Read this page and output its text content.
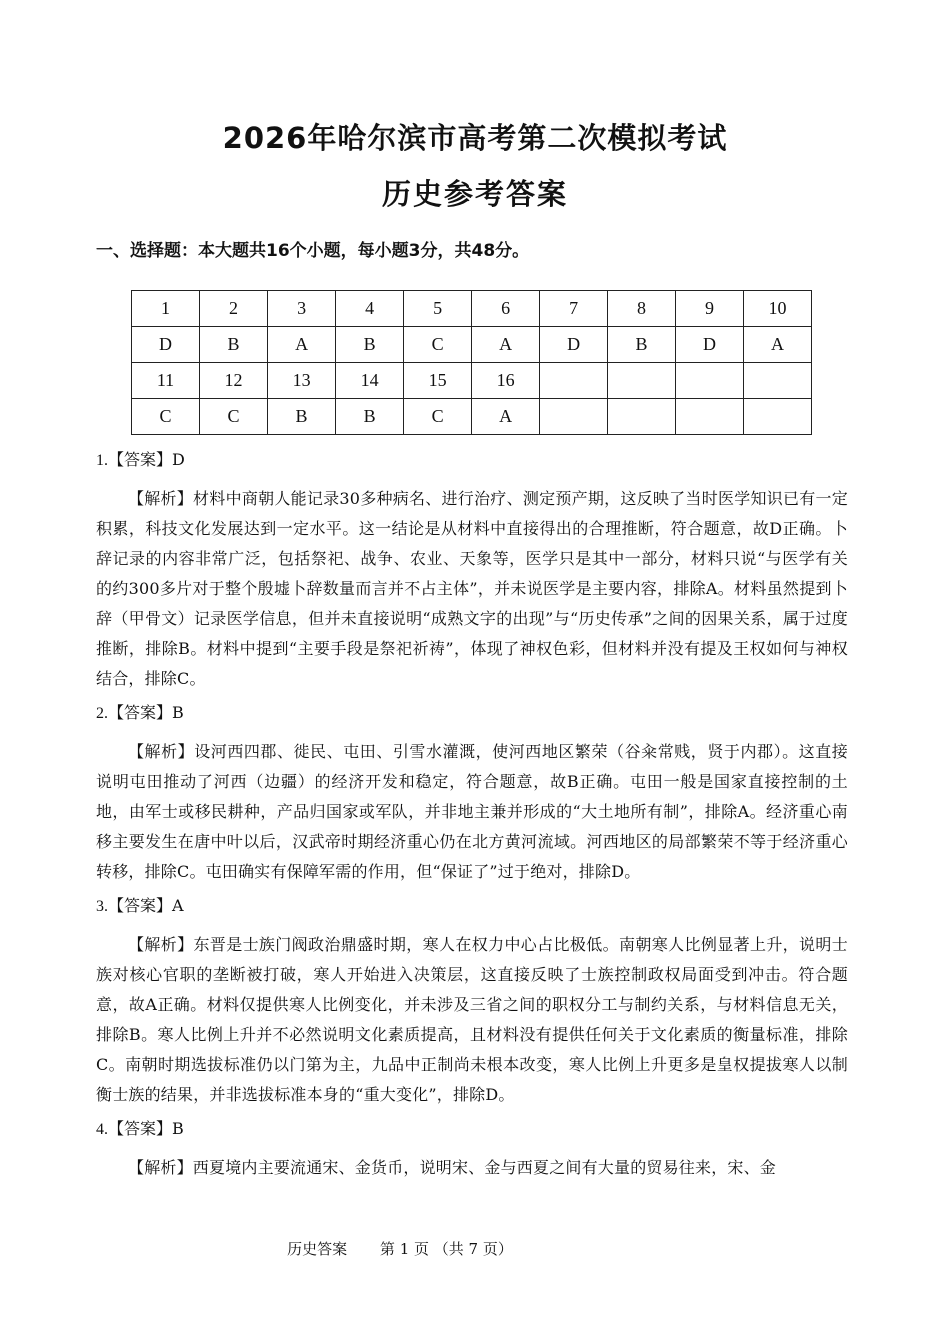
2026年哈尔滨市高考第二次模拟考试
历史参考答案

一、选择题：本大题共16个小题，每小题3分，共48分。

1	2	3	4	5	6	7	8	9	10
D	B	A	B	C	A	D	B	D	A
11	12	13	14	15	16				
C	C	B	B	C	A				

1.【答案】D

【解析】材料中商朝人能记录30多种病名、进行治疗、测定预产期，这反映了当时医学知识已有一定积累，科技文化发展达到一定水平。这一结论是从材料中直接得出的合理推断，符合题意，故D正确。卜辞记录的内容非常广泛，包括祭祀、战争、农业、天象等，医学只是其中一部分，材料只说“与医学有关的约300多片对于整个殷墟卜辞数量而言并不占主体”，并未说医学是主要内容，排除A。材料虽然提到卜辞（甲骨文）记录医学信息，但并未直接说明“成熟文字的出现”与“历史传承”之间的因果关系，属于过度推断，排除B。材料中提到“主要手段是祭祀祈祷”，体现了神权色彩，但材料并没有提及王权如何与神权结合，排除C。

2.【答案】B

【解析】设河西四郡、徙民、屯田、引雪水灌溉，使河西地区繁荣（谷籴常贱，贤于内郡）。这直接说明屯田推动了河西（边疆）的经济开发和稳定，符合题意，故B正确。屯田一般是国家直接控制的土地，由军士或移民耕种，产品归国家或军队，并非地主兼并形成的“大土地所有制”，排除A。经济重心南移主要发生在唐中叶以后，汉武帝时期经济重心仍在北方黄河流域。河西地区的局部繁荣不等于经济重心转移，排除C。屯田确实有保障军需的作用，但“保证了”过于绝对，排除D。

3.【答案】A

【解析】东晋是士族门阀政治鼎盛时期，寒人在权力中心占比极低。南朝寒人比例显著上升，说明士族对核心官职的垄断被打破，寒人开始进入决策层，这直接反映了士族控制政权局面受到冲击。符合题意，故A正确。材料仅提供寒人比例变化，并未涉及三省之间的职权分工与制约关系，与材料信息无关，排除B。寒人比例上升并不必然说明文化素质提高，且材料没有提供任何关于文化素质的衡量标准，排除C。南朝时期选拔标准仍以门第为主，九品中正制尚未根本改变，寒人比例上升更多是皇权提拔寒人以制衡士族的结果，并非选拔标准本身的“重大变化”，排除D。

4.【答案】B

【解析】西夏境内主要流通宋、金货币，说明宋、金与西夏之间有大量的贸易往来，宋、金

历史答案 第 1 页 （共 7 页）
